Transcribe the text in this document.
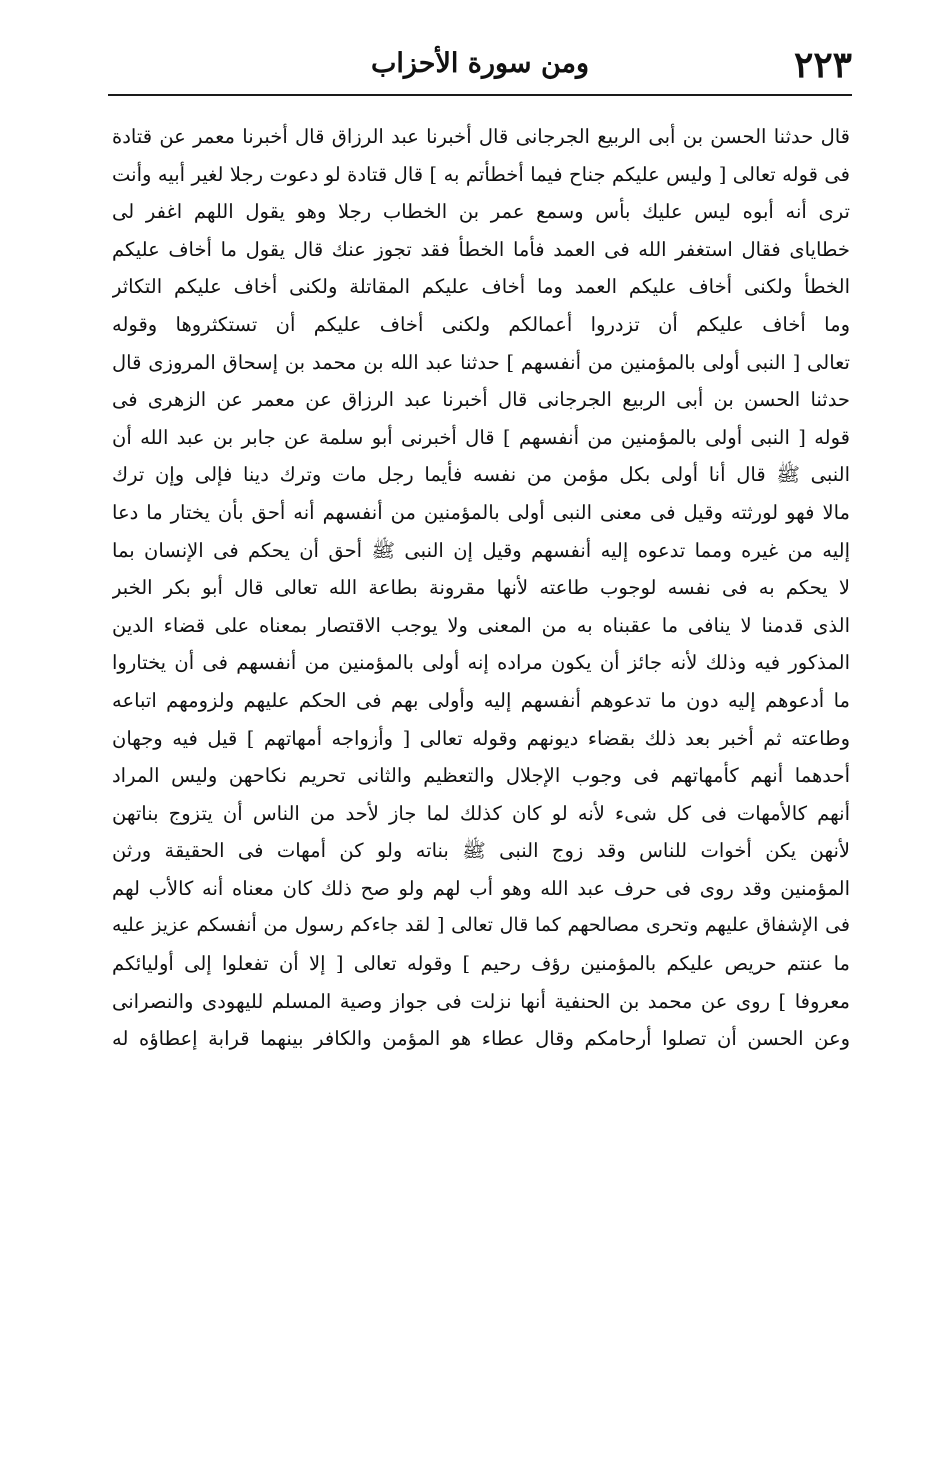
٢٢٣
ومن سورة الأحزاب
قال حدثنا الحسن بن أبى الربيع الجرجانى قال أخبرنا عبد الرزاق قال أخبرنا معمر عن قتادة
فى قوله تعالى [ وليس عليكم جناح فيما أخطأتم به ] قال قتادة لو دعوت رجلا لغير أبيه وأنت
ترى أنه أبوه ليس عليك بأس وسمع عمر بن الخطاب رجلا وهو يقول اللهم اغفر لى
خطاياى فقال استغفر الله فى العمد فأما الخطأ فقد تجوز عنك قال يقول ما أخاف عليكم
الخطأ ولكنى أخاف عليكم العمد وما أخاف عليكم المقاتلة ولكنى أخاف عليكم التكاثر
وما أخاف عليكم أن تزدروا أعمالكم ولكنى أخاف عليكم أن تستكثروها وقوله
تعالى [ النبى أولى بالمؤمنين من أنفسهم ] حدثنا عبد الله بن محمد بن إسحاق المروزى قال
حدثنا الحسن بن أبى الربيع الجرجانى قال أخبرنا عبد الرزاق عن معمر عن الزهرى فى
قوله [ النبى أولى بالمؤمنين من أنفسهم ] قال أخبرنى أبو سلمة عن جابر بن عبد الله أن
النبى ﷺ قال أنا أولى بكل مؤمن من نفسه فأيما رجل مات وترك دينا فإلى وإن ترك
مالا فهو لورثته وقيل فى معنى النبى أولى بالمؤمنين من أنفسهم أنه أحق بأن يختار ما دعا
إليه من غيره ومما تدعوه إليه أنفسهم وقيل إن النبى ﷺ أحق أن يحكم فى الإنسان بما
لا يحكم به فى نفسه لوجوب طاعته لأنها مقرونة بطاعة الله تعالى قال أبو بكر الخبر
الذى قدمنا لا ينافى ما عقبناه به من المعنى ولا يوجب الاقتصار بمعناه على قضاء الدين
المذكور فيه وذلك لأنه جائز أن يكون مراده إنه أولى بالمؤمنين من أنفسهم فى أن يختاروا
ما أدعوهم إليه دون ما تدعوهم أنفسهم إليه وأولى بهم فى الحكم عليهم ولزومهم اتباعه
وطاعته ثم أخبر بعد ذلك بقضاء ديونهم وقوله تعالى [ وأزواجه أمهاتهم ] قيل فيه وجهان
أحدهما أنهم كأمهاتهم فى وجوب الإجلال والتعظيم والثانى تحريم نكاحهن وليس المراد
أنهم كالأمهات فى كل شىء لأنه لو كان كذلك لما جاز لأحد من الناس أن يتزوج بناتهن
لأنهن يكن أخوات للناس وقد زوج النبى ﷺ بناته ولو كن أمهات فى الحقيقة ورثن
المؤمنين وقد روى فى حرف عبد الله وهو أب لهم ولو صح ذلك كان معناه أنه كالأب لهم
فى الإشفاق عليهم وتحرى مصالحهم كما قال تعالى [ لقد جاءكم رسول من أنفسكم عزيز عليه
ما عنتم حريص عليكم بالمؤمنين رؤف رحيم ] وقوله تعالى [ إلا أن تفعلوا إلى أوليائكم
معروفا ] روى عن محمد بن الحنفية أنها نزلت فى جواز وصية المسلم لليهودى والنصرانى
وعن الحسن أن تصلوا أرحامكم وقال عطاء هو المؤمن والكافر بينهما قرابة إعطاؤه له
